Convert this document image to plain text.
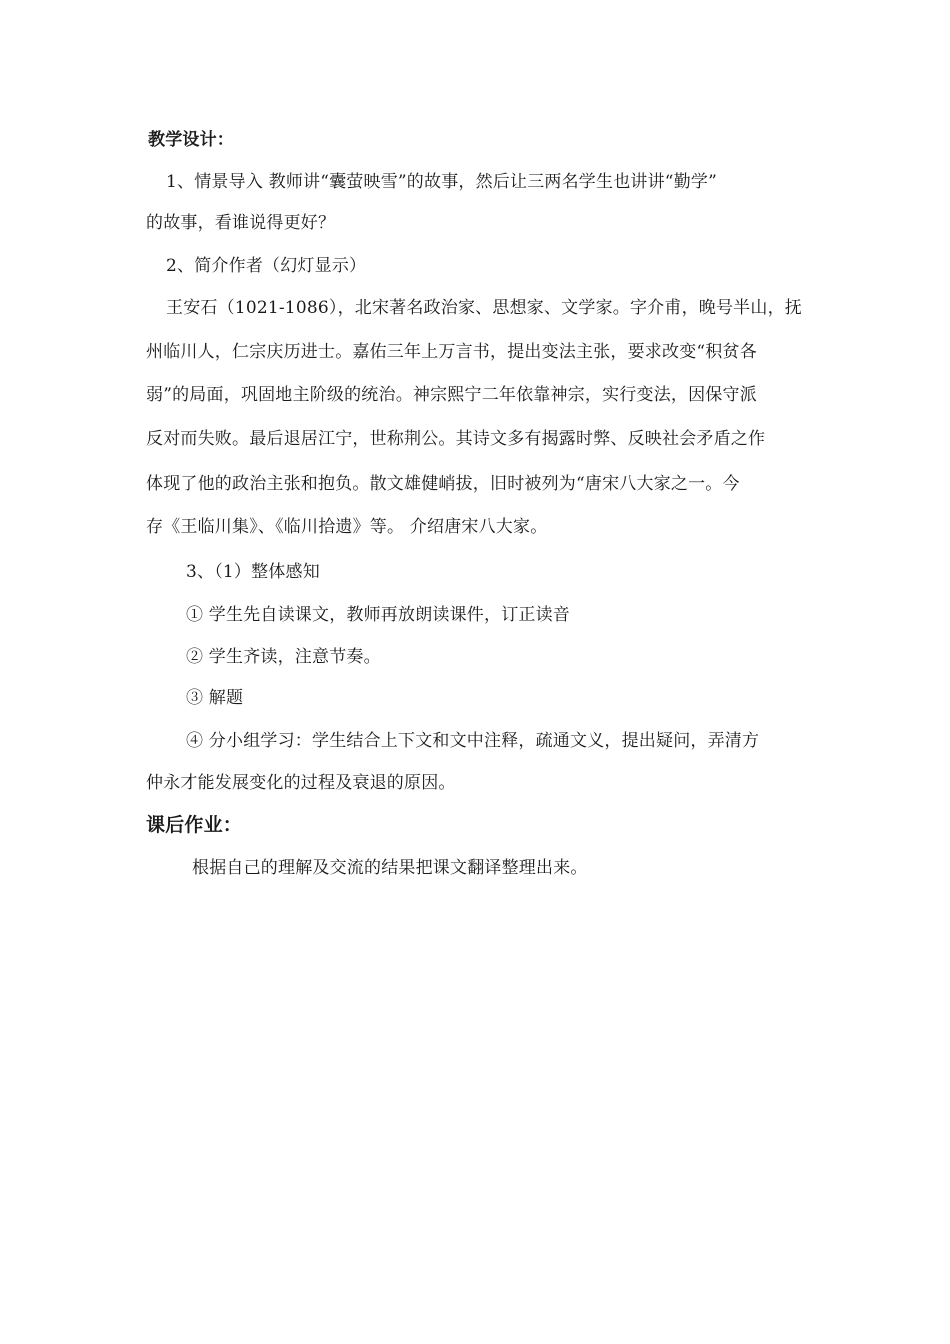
教学设计：
1、情景导入 教师讲“囊萤映雪”的故事，然后让三两名学生也讲讲“勤学”
的故事，看谁说得更好？
2、简介作者（幻灯显示）
王安石（1021-1086），北宋著名政治家、思想家、文学家。字介甫，晚号半山，抚
州临川人，仁宗庆历进士。嘉佑三年上万言书，提出变法主张，要求改变“积贫各
弱”的局面，巩固地主阶级的统治。神宗熙宁二年依靠神宗，实行变法，因保守派
反对而失败。最后退居江宁，世称荆公。其诗文多有揭露时弊、反映社会矛盾之作
体现了他的政治主张和抱负。散文雄健峭拔，旧时被列为“唐宋八大家之一。今
存《王临川集》、《临川拾遗》等。 介绍唐宋八大家。
3、（1）整体感知
① 学生先自读课文，教师再放朗读课件，订正读音
② 学生齐读，注意节奏。
③ 解题
④ 分小组学习：学生结合上下文和文中注释，疏通文义，提出疑问，弄清方
仲永才能发展变化的过程及衰退的原因。
课后作业：
根据自己的理解及交流的结果把课文翻译整理出来。
